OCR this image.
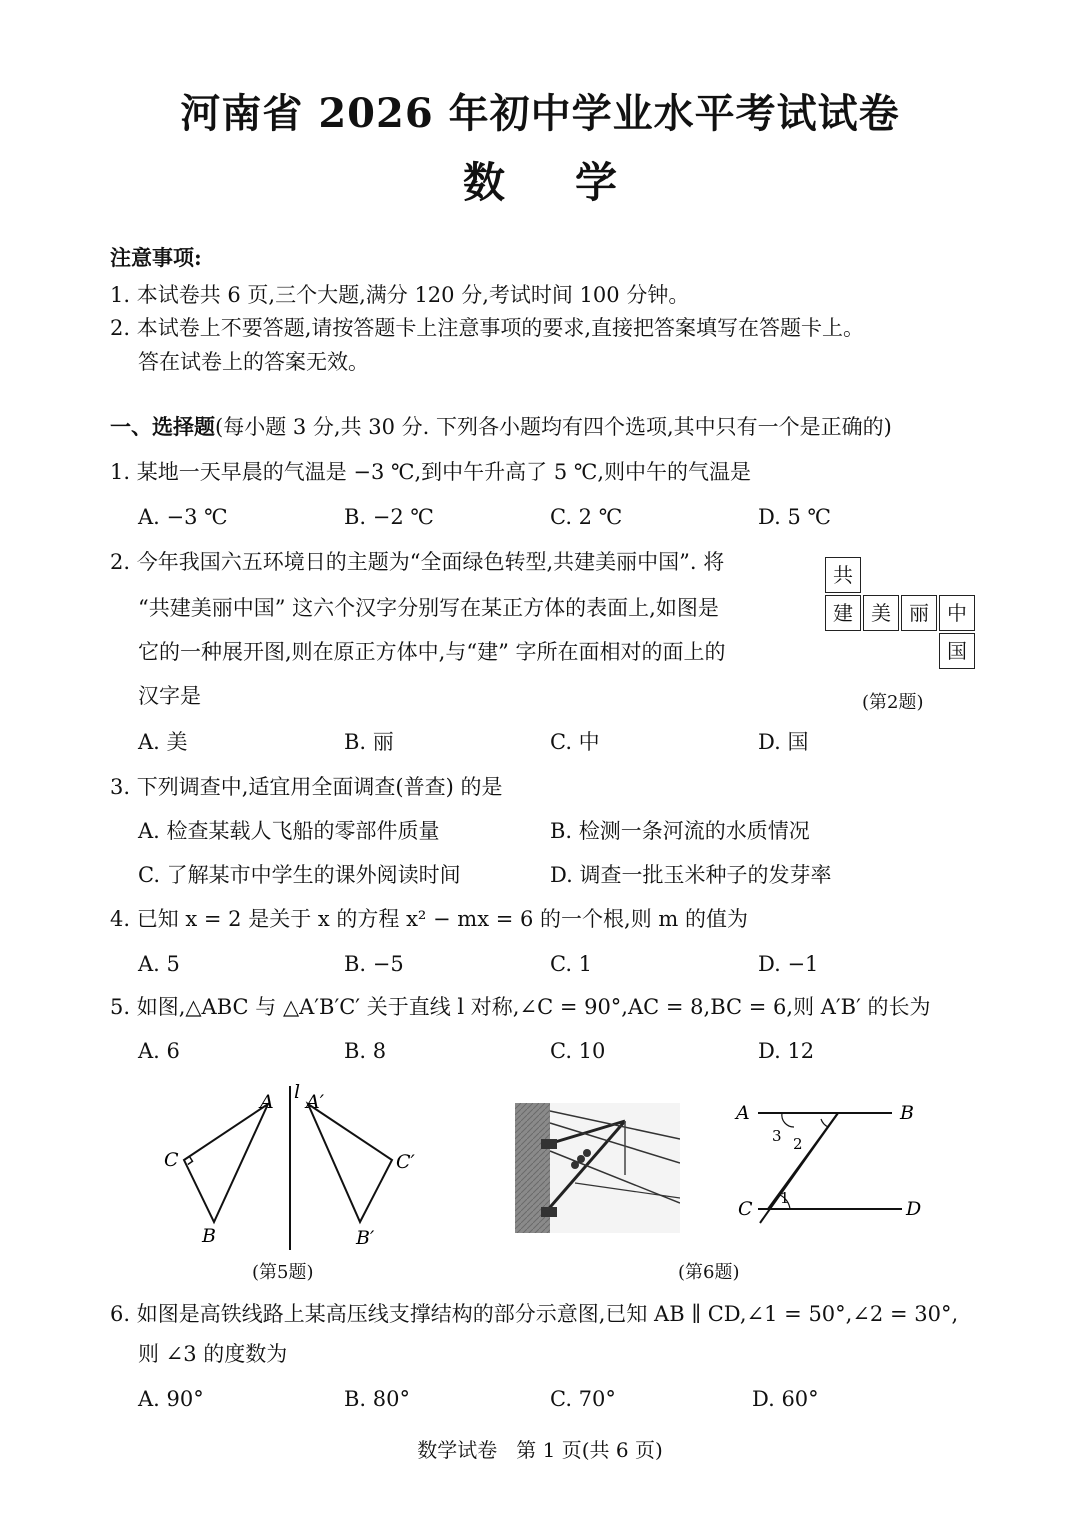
河南省 2026 年初中学业水平考试试卷
数学
注意事项:
1. 本试卷共 6 页,三个大题,满分 120 分,考试时间 100 分钟。
2. 本试卷上不要答题,请按答题卡上注意事项的要求,直接把答案填写在答题卡上。
答在试卷上的答案无效。
一、选择题(每小题 3 分,共 30 分. 下列各小题均有四个选项,其中只有一个是正确的)
1. 某地一天早晨的气温是 −3 ℃,到中午升高了 5 ℃,则中午的气温是
A. −3 ℃	B. −2 ℃	C. 2 ℃	D. 5 ℃
2. 今年我国六五环境日的主题为“全面绿色转型,共建美丽中国”. 将
“共建美丽中国” 这六个汉字分别写在某正方体的表面上,如图是
它的一种展开图,则在原正方体中,与“建” 字所在面相对的面上的
汉字是
共
建 美 丽 中
国
(第2题)
A. 美	B. 丽	C. 中	D. 国
3. 下列调查中,适宜用全面调查(普查) 的是
A. 检查某载人飞船的零部件质量	B. 检测一条河流的水质情况
C. 了解某市中学生的课外阅读时间	D. 调查一批玉米种子的发芽率
4. 已知 x = 2 是关于 x 的方程 x² − mx = 6 的一个根,则 m 的值为
A. 5	B. −5	C. 1	D. −1
5. 如图,△ABC 与 △A′B′C′ 关于直线 l 对称,∠C = 90°,AC = 8,BC = 6,则 A′B′ 的长为
A. 6	B. 8	C. 10	D. 12
A
B
C
l A′
B′
C′
(第5题)
A	B
C	D
1
2
3
(第6题)
6. 如图是高铁线路上某高压线支撑结构的部分示意图,已知 AB ∥ CD,∠1 = 50°,∠2 = 30°,
则 ∠3 的度数为
A. 90°	B. 80°	C. 70°	D. 60°
数学试卷   第 1 页(共 6 页)
